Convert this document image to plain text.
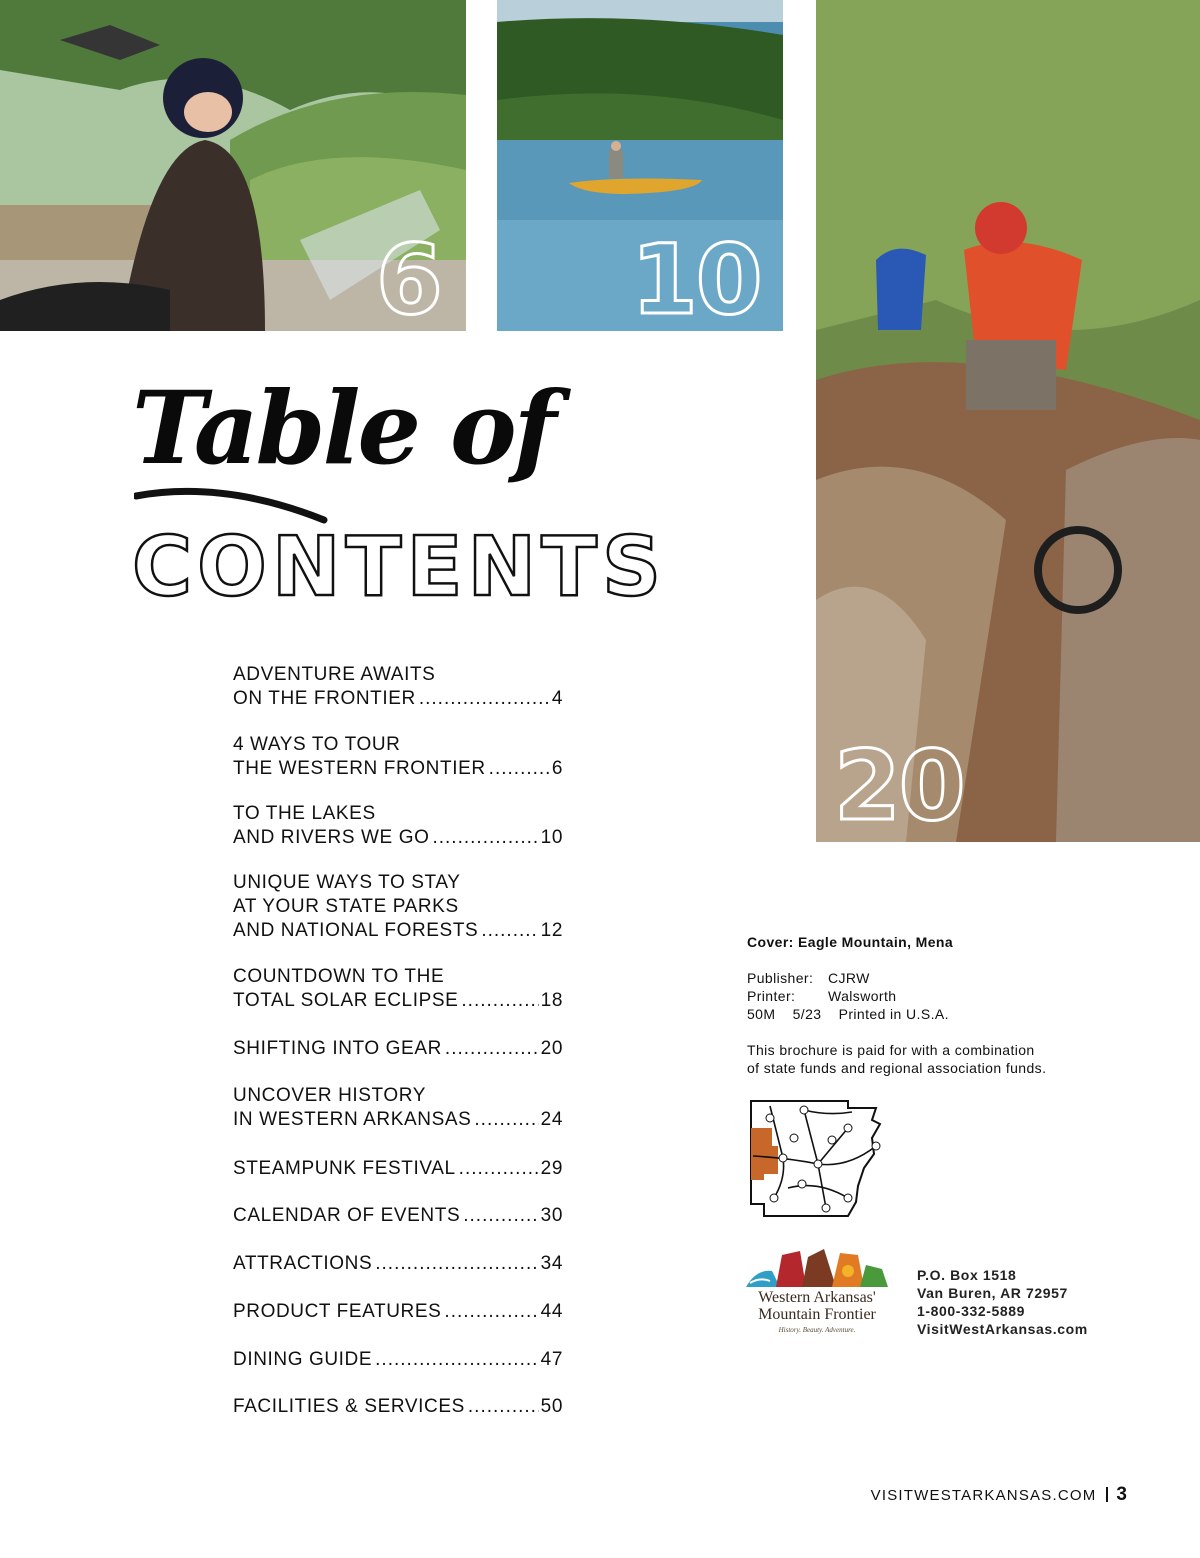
6 10
20
Table of
CONTENTS
ADVENTURE AWAITS
ON THE FRONTIER .....	4
4 WAYS TO TOUR
THE WESTERN FRONTIER .....	6
TO THE LAKES
AND RIVERS WE GO .....	10
UNIQUE WAYS TO STAY
AT YOUR STATE PARKS
AND NATIONAL FORESTS .....	12
COUNTDOWN TO THE
TOTAL SOLAR ECLIPSE .....	18
SHIFTING INTO GEAR .....	20
UNCOVER HISTORY
IN WESTERN ARKANSAS .....	24
STEAMPUNK FESTIVAL .....	29
CALENDAR OF EVENTS .....	30
ATTRACTIONS .....	34
PRODUCT FEATURES .....	44
DINING GUIDE .....	47
FACILITIES & SERVICES .....	50
Cover: Eagle Mountain, Mena
Publisher: CJRW
Printer: Walsworth
50M    5/23    Printed in U.S.A.
This brochure is paid for with a combination
of state funds and regional association funds.
Western Arkansas'
Mountain Frontier
History. Beauty. Adventure.
P.O. Box 1518
Van Buren, AR 72957
1-800-332-5889
VisitWestArkansas.com
VISITWESTARKANSAS.COM 3
